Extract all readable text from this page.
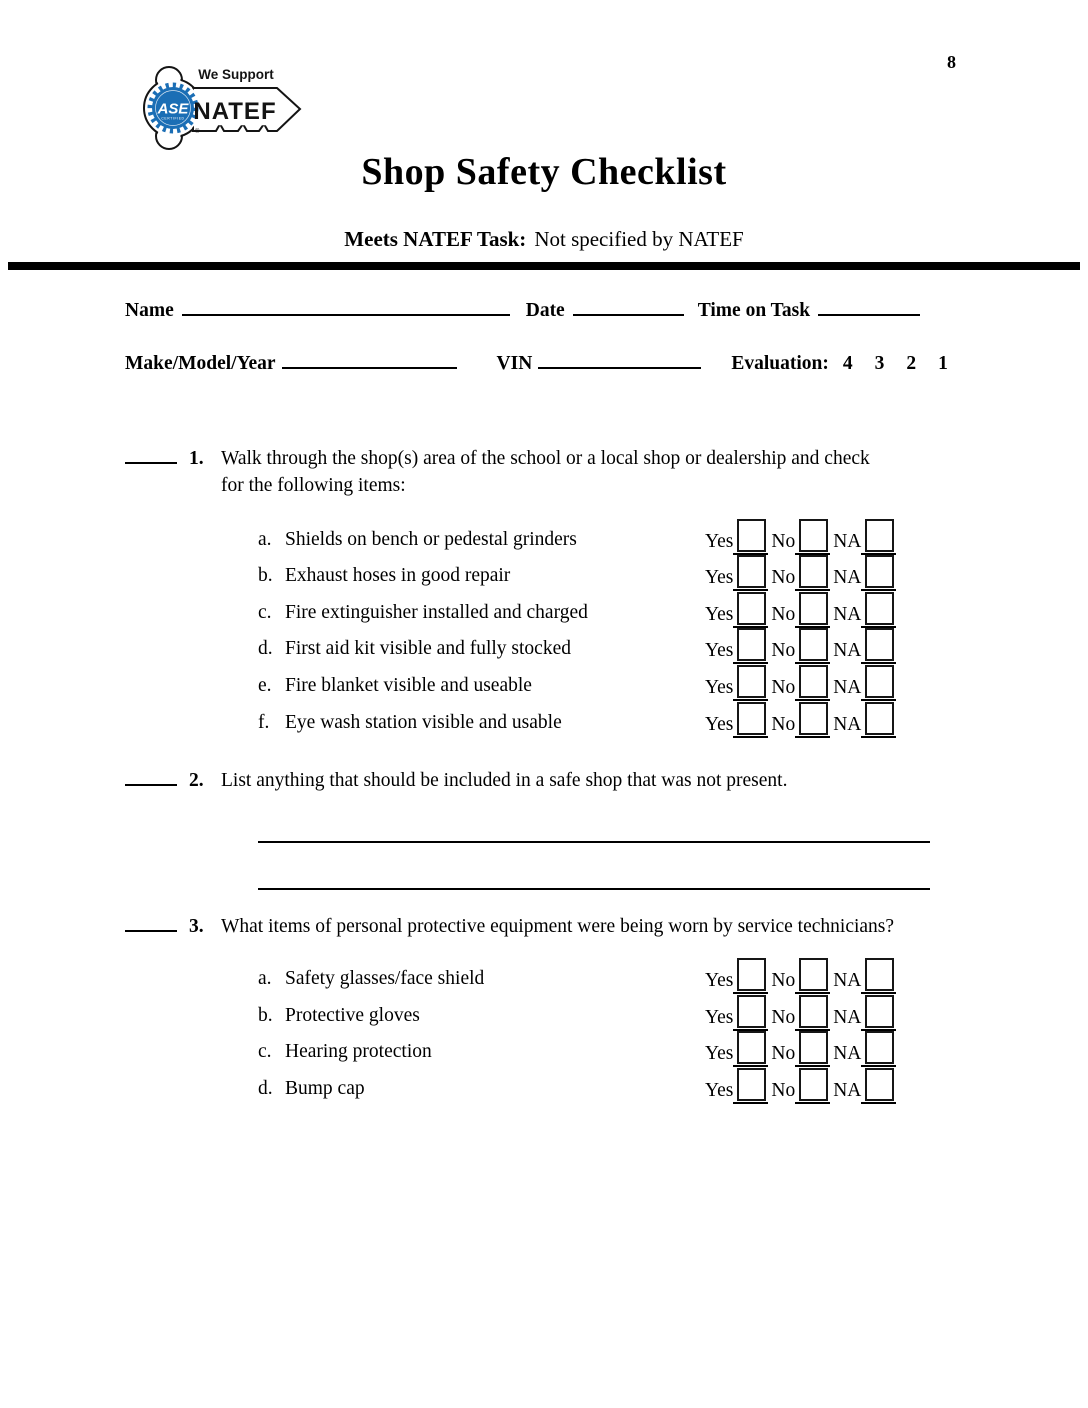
8
ASE
CERTIFIED
We Support
NATEF
®
Shop Safety Checklist
Meets NATEF Task: Not specified by NATEF
Name	Date	Time on Task
Make/Model/Year	VIN	Evaluation: 4 3 2 1
1. Walk through the shop(s) area of the school or a local shop or dealership and check
for the following items:
a. Shields on bench or pedestal grinders	Yes No NA
b. Exhaust hoses in good repair	Yes No NA
c. Fire extinguisher installed and charged	Yes No NA
d. First aid kit visible and fully stocked	Yes No NA
e. Fire blanket visible and useable	Yes No NA
f. Eye wash station visible and usable	Yes No NA
2. List anything that should be included in a safe shop that was not present.
3. What items of personal protective equipment were being worn by service technicians?
a. Safety glasses/face shield	Yes No NA
b. Protective gloves	Yes No NA
c. Hearing protection	Yes No NA
d. Bump cap	Yes No NA
